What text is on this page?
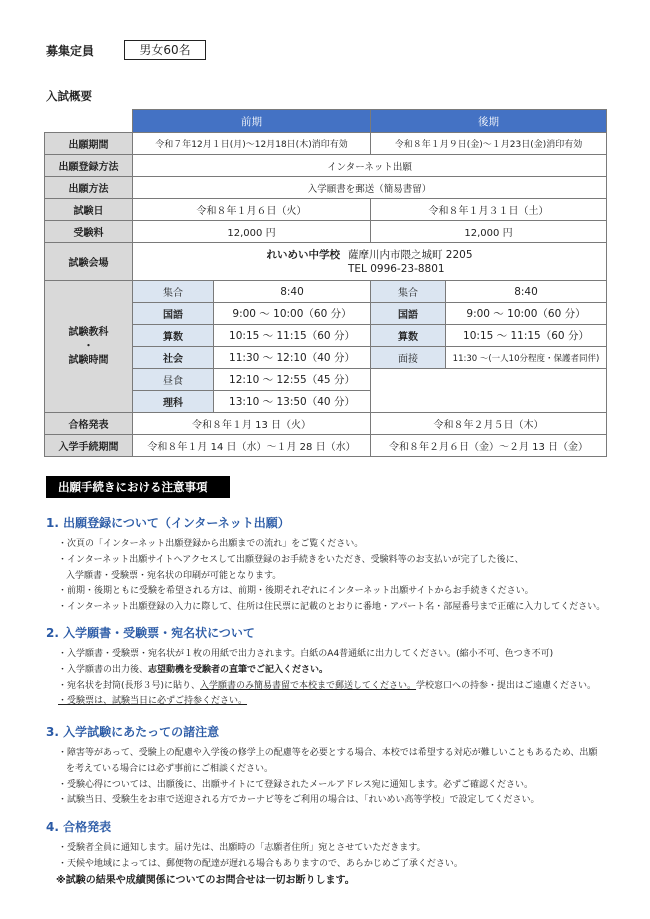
募集定員	男女60名
入試概要
	前期		後期	
出願期間	令和７年12月１日(月)〜12月18日(木)消印有効		令和８年１月９日(金)〜１月23日(金)消印有効	
出願登録方法	インターネット出願			
出願方法	入学願書を郵送（簡易書留）			
試験日	令和８年１月６日（火）		令和８年１月３１日（土）	
受験料	12,000 円		12,000 円	
試験会場	れいめい中学校 薩摩川内市隈之城町 2205
TEL 0996-23-8801			

試験教科
・
試験時間	集合	8:40	集合	8:40
	国語	9:00 〜 10:00（60 分）	国語	9:00 〜 10:00（60 分）
	算数	10:15 〜 11:15（60 分）	算数	10:15 〜 11:15（60 分）
	社会	11:30 〜 12:10（40 分）	面接	11:30 〜(一人10分程度・保護者同伴)
	昼食	12:10 〜 12:55（45 分）		
	理科	13:10 〜 13:50（40 分）		
合格発表	令和８年１月 13 日（火）		令和８年２月５日（木）	
入学手続期間	令和８年１月 14 日（水）〜１月 28 日（水）		令和８年２月６日（金）〜２月 13 日（金）	
出願手続きにおける注意事項
1. 出願登録について（インターネット出願）
・次頁の「インターネット出願登録から出願までの流れ」をご覧ください。
・インターネット出願サイトへアクセスして出願登録のお手続きをいただき、受験料等のお支払いが完了した後に、
入学願書・受験票・宛名状の印刷が可能となります。
・前期・後期ともに受験を希望される方は、前期・後期それぞれにインターネット出願サイトからお手続きください。
・インターネット出願登録の入力に際して、住所は住民票に記載のとおりに番地・アパート名・部屋番号まで正確に入力してください。
2. 入学願書・受験票・宛名状について
・入学願書・受験票・宛名状が１枚の用紙で出力されます。白紙のA4普通紙に出力してください。(縮小不可、色つき不可)
・入学願書の出力後、志望動機を受験者の直筆でご記入ください。
・宛名状を封筒(長形３号)に貼り、入学願書のみ簡易書留で本校まで郵送してください。学校窓口への持参・提出はご遠慮ください。
・受験票は、試験当日に必ずご持参ください。
3. 入学試験にあたっての諸注意
・障害等があって、受験上の配慮や入学後の修学上の配慮等を必要とする場合、本校では希望する対応が難しいこともあるため、出願
を考えている場合には必ず事前にご相談ください。
・受験心得については、出願後に、出願サイトにて登録されたメールアドレス宛に通知します。必ずご確認ください。
・試験当日、受験生をお車で送迎される方でカーナビ等をご利用の場合は、「れいめい高等学校」で設定してください。
4. 合格発表
・受験者全員に通知します。届け先は、出願時の「志願者住所」宛とさせていただきます。
・天候や地域によっては、郵便物の配達が遅れる場合もありますので、あらかじめご了承ください。
※試験の結果や成績関係についてのお問合せは一切お断りします。
